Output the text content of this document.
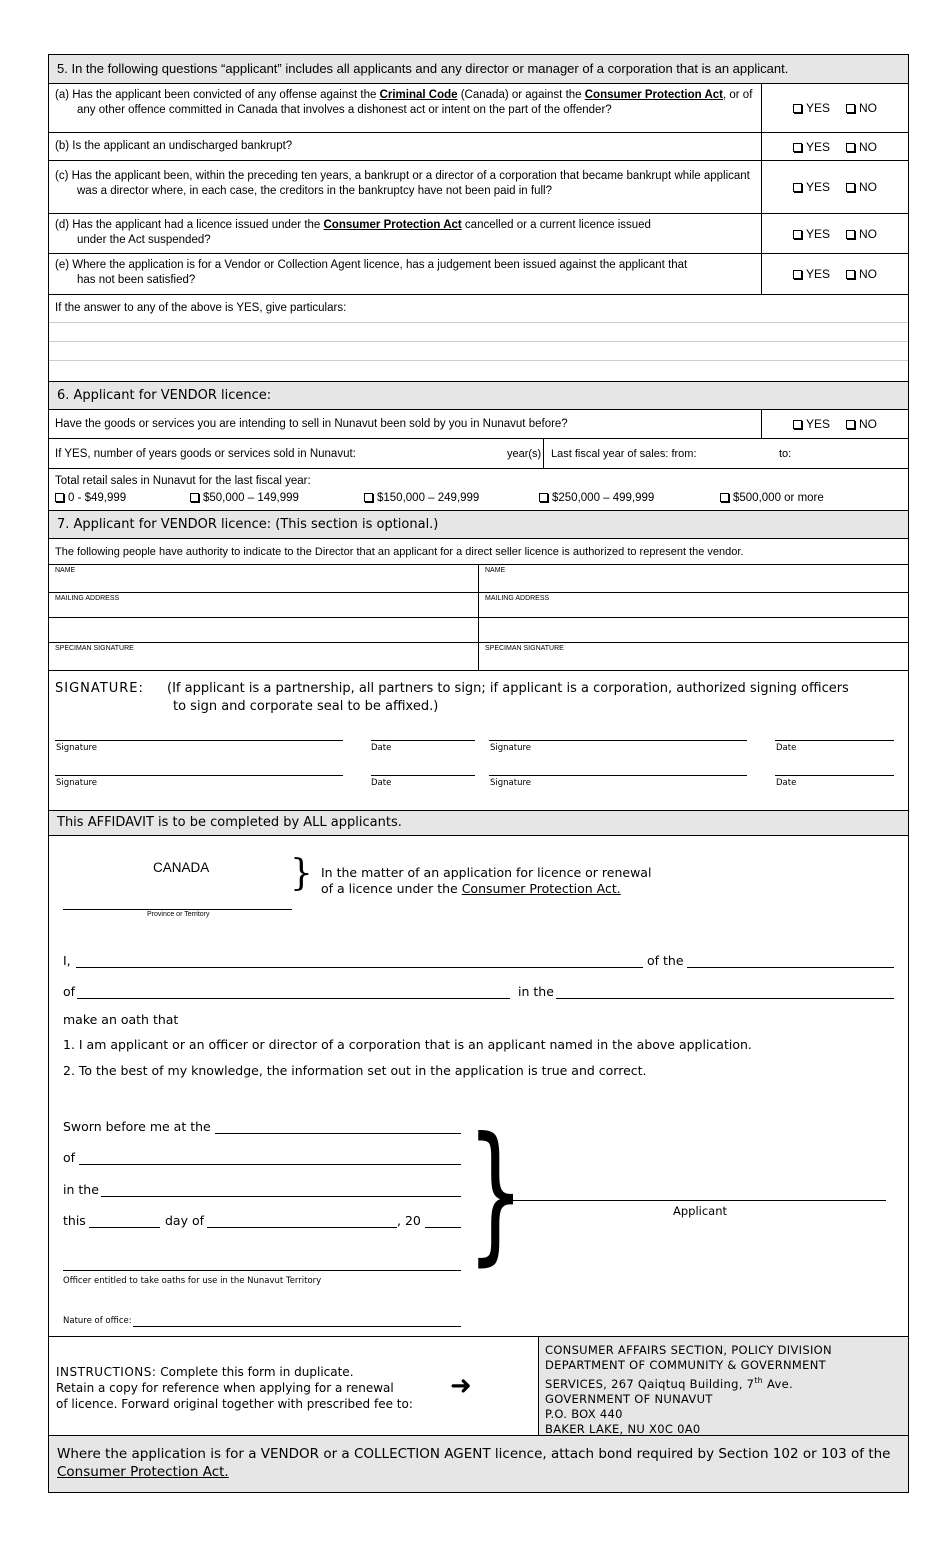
5. In the following questions “applicant” includes all applicants and any director or manager of a corporation that is an applicant.
(a) Has the applicant been convicted of any offense against the Criminal Code (Canada) or against the Consumer Protection Act, or of
any other offence committed in Canada that involves a dishonest act or intent on the part of the offender?	YES	NO
(b) Is the applicant an undischarged bankrupt?	YES	NO
(c) Has the applicant been, within the preceding ten years, a bankrupt or a director of a corporation that became bankrupt while applicant
was a director where, in each case, the creditors in the bankruptcy have not been paid in full?	YES	NO
(d) Has the applicant had a licence issued under the Consumer Protection Act cancelled or a current licence issued
under the Act suspended?	YES	NO
(e) Where the application is for a Vendor or Collection Agent licence, has a judgement been issued against the applicant that
has not been satisfied?	YES	NO
If the answer to any of the above is YES, give particulars:
6. Applicant for VENDOR licence:
Have the goods or services you are intending to sell in Nunavut been sold by you in Nunavut before?	YES	NO
If YES, number of years goods or services sold in Nunavut:	year(s) Last fiscal year of sales: from:	to:
Total retail sales in Nunavut for the last fiscal year:
0 - $49,999	$50,000 – 149,999	$150,000 – 249,999	$250,000 – 499,999	$500,000 or more
7. Applicant for VENDOR licence: (This section is optional.)
The following people have authority to indicate to the Director that an applicant for a direct seller licence is authorized to represent the vendor.
NAME	NAME
MAILING ADDRESS	MAILING ADDRESS
SPECIMAN SIGNATURE	SPECIMAN SIGNATURE
SIGNATURE: (If applicant is a partnership, all partners to sign; if applicant is a corporation, authorized signing officers
to sign and corporate seal to be affixed.)
Signature	Date	Signature	Date
Signature	Date	Signature	Date
This AFFIDAVIT is to be completed by ALL applicants.
CANADA }
Province or Territory
In the matter of an application for licence or renewal
of a licence under the Consumer Protection Act.
I,	of the
of	in the
make an oath that
1. I am applicant or an officer or director of a corporation that is an applicant named in the above application.
2. To the best of my knowledge, the information set out in the application is true and correct.
Sworn before me at the
of
in the
this	day of	, 20
Officer entitled to take oaths for use in the Nunavut Territory
Nature of office:
}	Applicant
INSTRUCTIONS: Complete this form in duplicate.
Retain a copy for reference when applying for a renewal
of licence. Forward original together with prescribed fee to:
➜
CONSUMER AFFAIRS SECTION, POLICY DIVISION
DEPARTMENT OF COMMUNITY & GOVERNMENT
SERVICES, 267 Qaiqtuq Building, 7th Ave.
GOVERNMENT OF NUNAVUT
P.O. BOX 440
BAKER LAKE, NU X0C 0A0
Where the application is for a VENDOR or a COLLECTION AGENT licence, attach bond required by Section 102 or 103 of the Consumer Protection Act.
